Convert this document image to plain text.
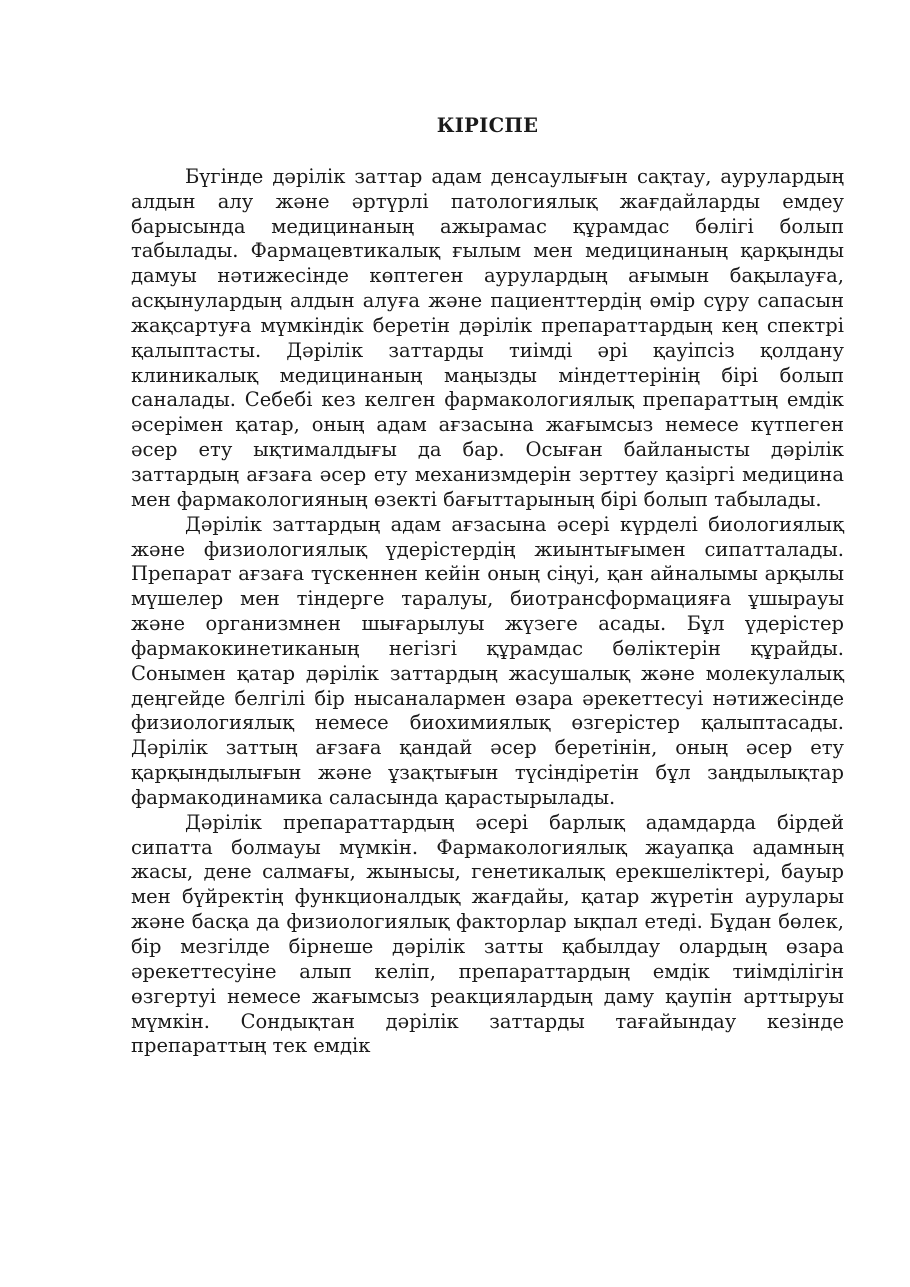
КІРІСПЕ

Бүгінде дәрілік заттар адам денсаулығын сақтау, аурулардың алдын алу және әртүрлі патологиялық жағдайларды емдеу барысында медицинаның ажырамас құрамдас бөлігі болып табылады. Фармацевтикалық ғылым мен медицинаның қарқынды дамуы нәтижесінде көптеген аурулардың ағымын бақылауға, асқынулардың алдын алуға және пациенттердің өмір сүру сапасын жақсартуға мүмкіндік беретін дәрілік препараттардың кең спектрі қалыптасты. Дәрілік заттарды тиімді әрі қауіпсіз қолдану клиникалық медицинаның маңызды міндеттерінің бірі болып саналады. Себебі кез келген фармакологиялық препараттың емдік әсерімен қатар, оның адам ағзасына жағымсыз немесе күтпеген әсер ету ықтималдығы да бар. Осыған байланысты дәрілік заттардың ағзаға әсер ету механизмдерін зерттеу қазіргі медицина мен фармакологияның өзекті бағыттарының бірі болып табылады.

Дәрілік заттардың адам ағзасына әсері күрделі биологиялық және физиологиялық үдерістердің жиынтығымен сипатталады. Препарат ағзаға түскеннен кейін оның сіңуі, қан айналымы арқылы мүшелер мен тіндерге таралуы, биотрансформацияға ұшырауы және организмнен шығарылуы жүзеге асады. Бұл үдерістер фармакокинетиканың негізгі құрамдас бөліктерін құрайды. Сонымен қатар дәрілік заттардың жасушалық және молекулалық деңгейде белгілі бір нысаналармен өзара әрекеттесуі нәтижесінде физиологиялық немесе биохимиялық өзгерістер қалыптасады. Дәрілік заттың ағзаға қандай әсер беретінін, оның әсер ету қарқындылығын және ұзақтығын түсіндіретін бұл заңдылықтар фармакодинамика саласында қарастырылады.

Дәрілік препараттардың әсері барлық адамдарда бірдей сипатта болмауы мүмкін. Фармакологиялық жауапқа адамның жасы, дене салмағы, жынысы, генетикалық ерекшеліктері, бауыр мен бүйректің функционалдық жағдайы, қатар жүретін аурулары және басқа да физиологиялық факторлар ықпал етеді. Бұдан бөлек, бір мезгілде бірнеше дәрілік затты қабылдау олардың өзара әрекеттесуіне алып келіп, препараттардың емдік тиімділігін өзгертуі немесе жағымсыз реакциялардың даму қаупін арттыруы мүмкін. Сондықтан дәрілік заттарды тағайындау кезінде препараттың тек емдік
